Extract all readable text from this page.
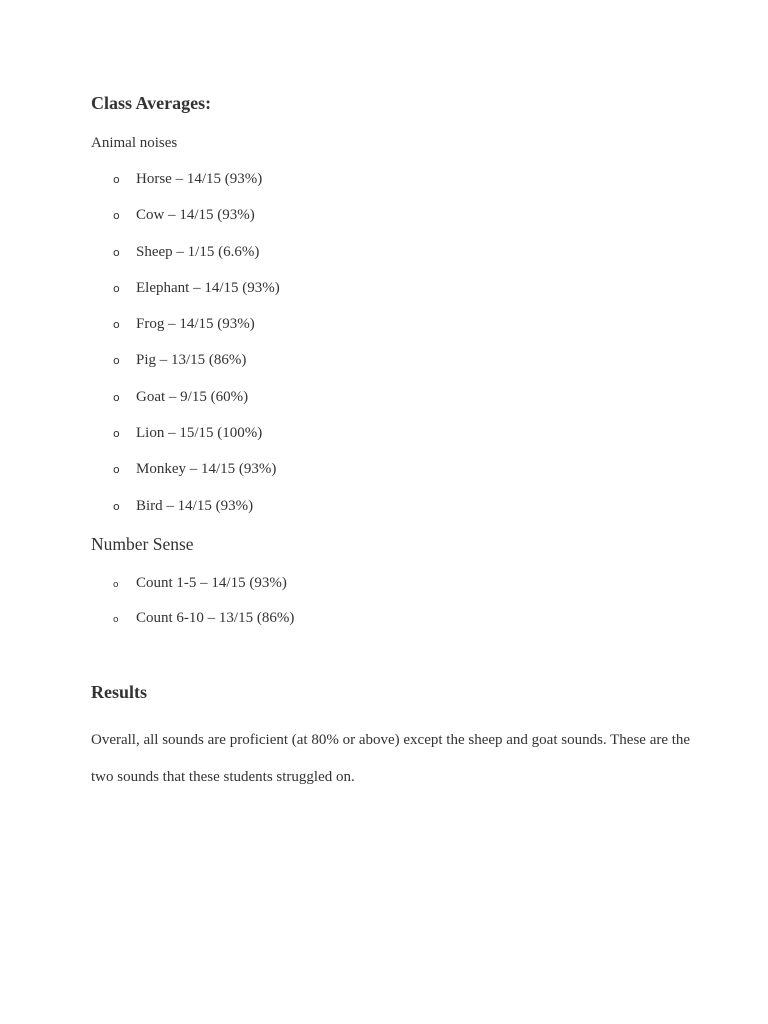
Class Averages:

Animal noises

o Horse – 14/15 (93%)
o Cow – 14/15 (93%)
o Sheep – 1/15 (6.6%)
o Elephant – 14/15 (93%)
o Frog – 14/15 (93%)
o Pig – 13/15 (86%)
o Goat – 9/15 (60%)
o Lion – 15/15 (100%)
o Monkey – 14/15 (93%)
o Bird – 14/15 (93%)

Number Sense

o Count 1-5 – 14/15 (93%)
o Count 6-10 – 13/15 (86%)
Results

Overall, all sounds are proficient (at 80% or above) except the sheep and goat sounds. These are the two sounds that these students struggled on.
